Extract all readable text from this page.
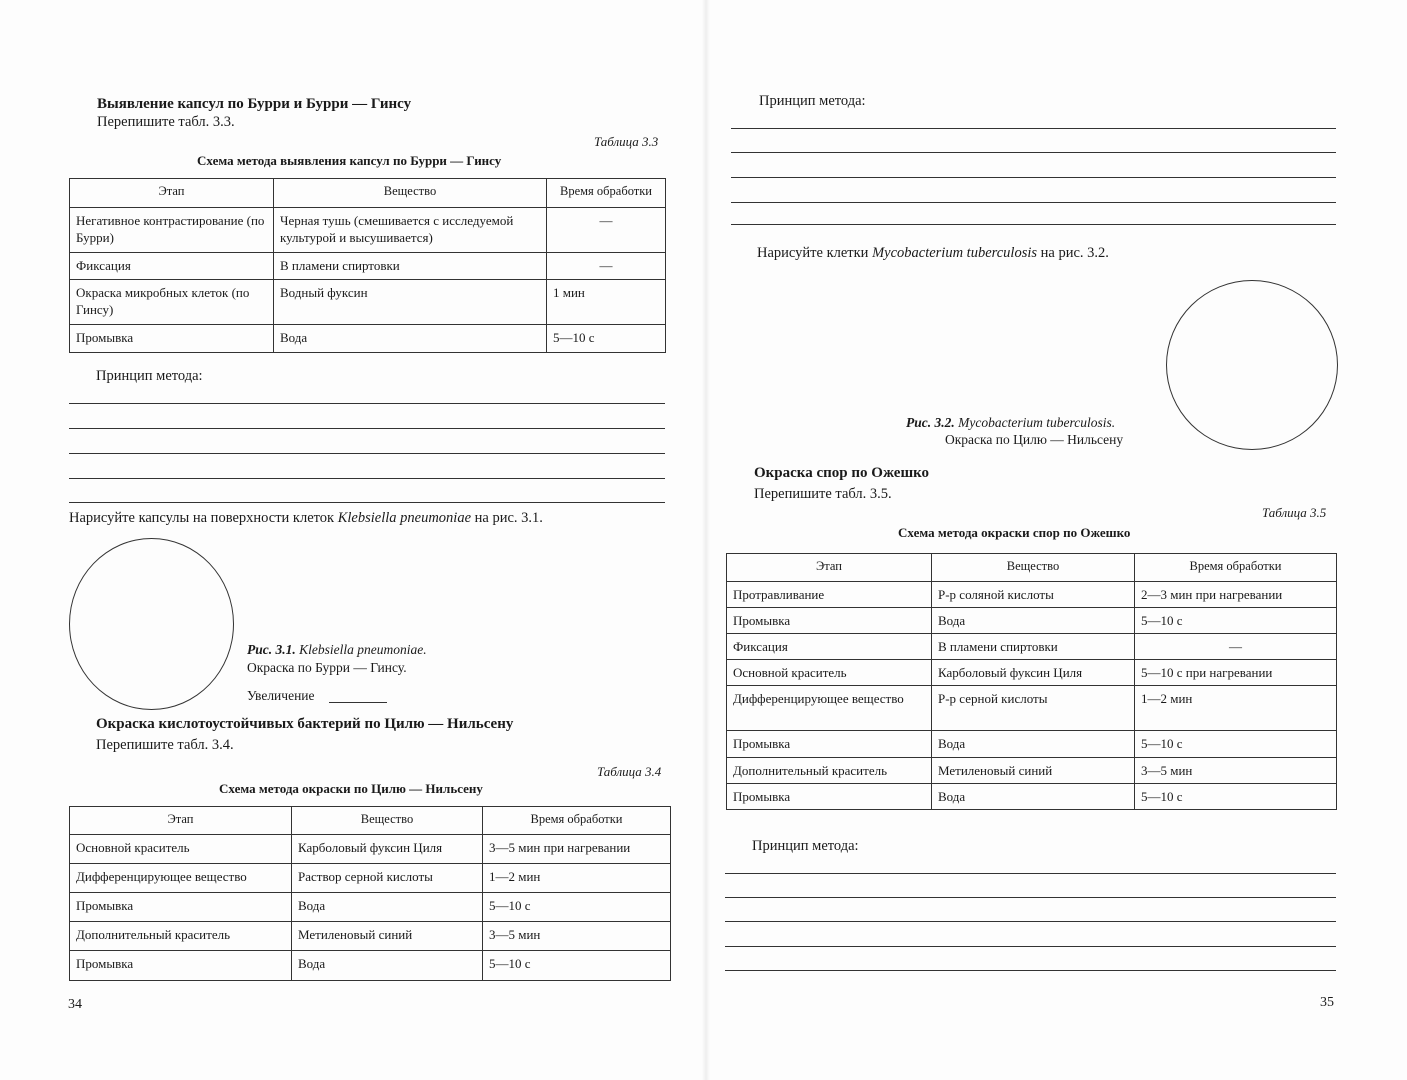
Выявление капсул по Бурри и Бурри — Гинсу
Перепишите табл. 3.3.
Таблица 3.3
Схема метода выявления капсул по Бурри — Гинсу
Этап	Вещество	Время обработки
Негативное контрастирование (по Бурри)	Черная тушь (смешивается с исследуемой культурой и высушивается)	—
Фиксация	В пламени спиртовки	—
Окраска микробных клеток (по Гинсу)	Водный фуксин	1 мин
Промывка	Вода	5—10 с
Принцип метода:
Нарисуйте капсулы на поверхности клеток Klebsiella pneumoniae на рис. 3.1.
Рис. 3.1. Klebsiella pneumoniae.
Окраска по Бурри — Гинсу.
Увеличение
Окраска кислотоустойчивых бактерий по Цилю — Нильсену
Перепишите табл. 3.4.
Таблица 3.4
Схема метода окраски по Цилю — Нильсену
Этап	Вещество	Время обработки
Основной краситель	Карболовый фуксин Циля	3—5 мин при нагревании
Дифференцирующее вещество	Раствор серной кислоты	1—2 мин
Промывка	Вода	5—10 с
Дополнительный краситель	Метиленовый синий	3—5 мин
Промывка	Вода	5—10 с
34
Принцип метода:
Нарисуйте клетки Mycobacterium tuberculosis на рис. 3.2.
Рис. 3.2. Mycobacterium tuberculosis.
Окраска по Цилю — Нильсену
Окраска спор по Ожешко
Перепишите табл. 3.5.
Таблица 3.5
Схема метода окраски спор по Ожешко
Этап	Вещество	Время обработки
Протравливание	Р-р соляной кислоты	2—3 мин при нагревании
Промывка	Вода	5—10 с
Фиксация	В пламени спиртовки	—
Основной краситель	Карболовый фуксин Циля	5—10 с при нагревании
Дифференцирующее вещество	Р-р серной кислоты	1—2 мин
Промывка	Вода	5—10 с
Дополнительный краситель	Метиленовый синий	3—5 мин
Промывка	Вода	5—10 с
Принцип метода:
35
